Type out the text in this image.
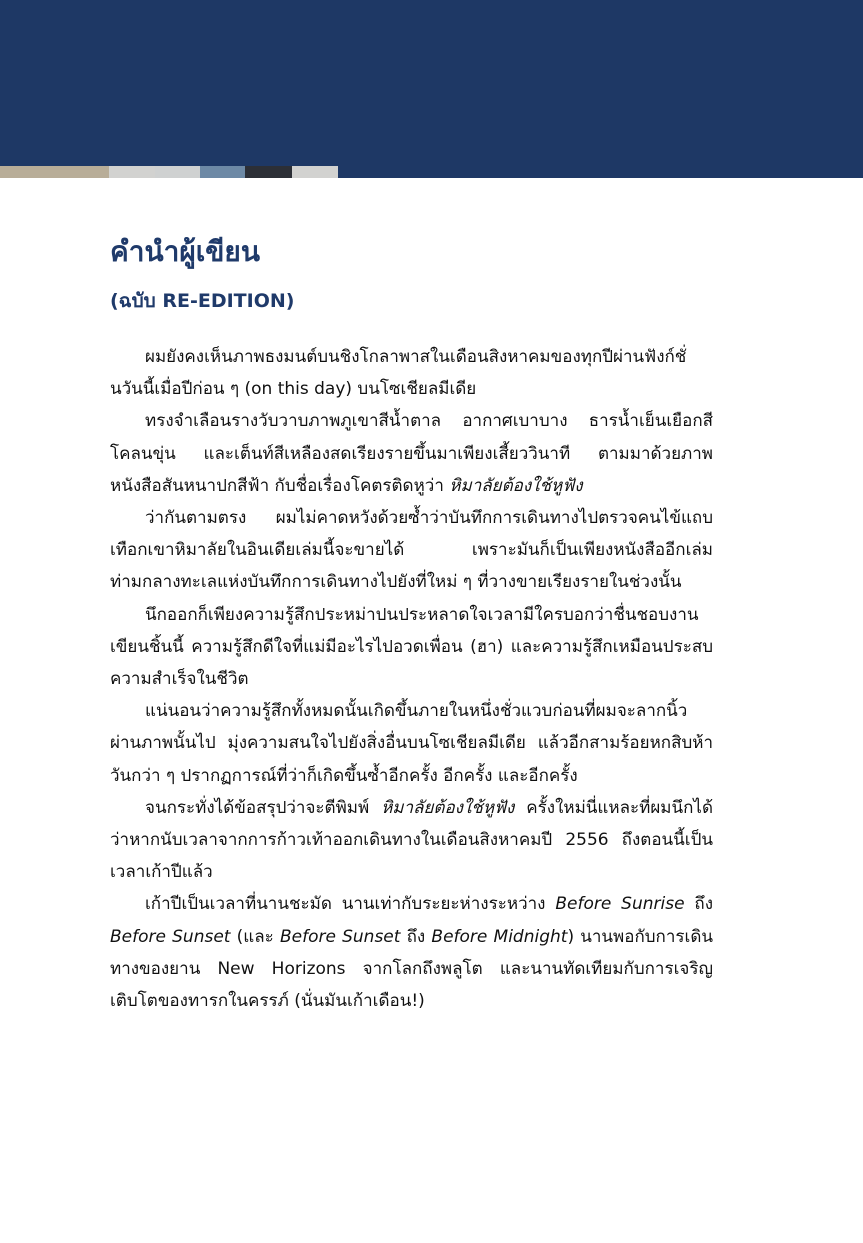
คำนำผู้เขียน
(ฉบับ RE-EDITION)

ผมยังคงเห็นภาพธงมนต์บนชิงโกลาพาสในเดือนสิงหาคมของทุกปีผ่านฟังก์ชั่นวันนี้เมื่อปีก่อน ๆ (on this day) บนโซเชียลมีเดีย

ทรงจำเลือนรางวับวาบภาพภูเขาสีน้ำตาล อากาศเบาบาง ธารน้ำเย็นเยือกสีโคลนขุ่น และเต็นท์สีเหลืองสดเรียงรายขึ้นมาเพียงเสี้ยววินาที ตามมาด้วยภาพหนังสือสันหนาปกสีฟ้า กับชื่อเรื่องโคตรติดหูว่า หิมาลัยต้องใช้หูฟัง

ว่ากันตามตรง ผมไม่คาดหวังด้วยซ้ำว่าบันทึกการเดินทางไปตรวจคนไข้แถบเทือกเขาหิมาลัยในอินเดียเล่มนี้จะขายได้ เพราะมันก็เป็นเพียงหนังสืออีกเล่มท่ามกลางทะเลแห่งบันทึกการเดินทางไปยังที่ใหม่ ๆ ที่วางขายเรียงรายในช่วงนั้น

นึกออกก็เพียงความรู้สึกประหม่าปนประหลาดใจเวลามีใครบอกว่าชื่นชอบงานเขียนชิ้นนี้ ความรู้สึกดีใจที่แม่มีอะไรไปอวดเพื่อน (ฮา) และความรู้สึกเหมือนประสบความสำเร็จในชีวิต

แน่นอนว่าความรู้สึกทั้งหมดนั้นเกิดขึ้นภายในหนึ่งชั่วแวบก่อนที่ผมจะลากนิ้วผ่านภาพนั้นไป มุ่งความสนใจไปยังสิ่งอื่นบนโซเชียลมีเดีย แล้วอีกสามร้อยหกสิบห้าวันกว่า ๆ ปรากฏการณ์ที่ว่าก็เกิดขึ้นซ้ำอีกครั้ง อีกครั้ง และอีกครั้ง

จนกระทั่งได้ข้อสรุปว่าจะตีพิมพ์ หิมาลัยต้องใช้หูฟัง ครั้งใหม่นี่แหละที่ผมนึกได้ว่าหากนับเวลาจากการก้าวเท้าออกเดินทางในเดือนสิงหาคมปี 2556 ถึงตอนนี้เป็นเวลาเก้าปีแล้ว

เก้าปีเป็นเวลาที่นานชะมัด นานเท่ากับระยะห่างระหว่าง Before Sunrise ถึง Before Sunset (และ Before Sunset ถึง Before Midnight) นานพอกับการเดินทางของยาน New Horizons จากโลกถึงพลูโต และนานทัดเทียมกับการเจริญเติบโตของทารกในครรภ์ (นั่นมันเก้าเดือน!)
